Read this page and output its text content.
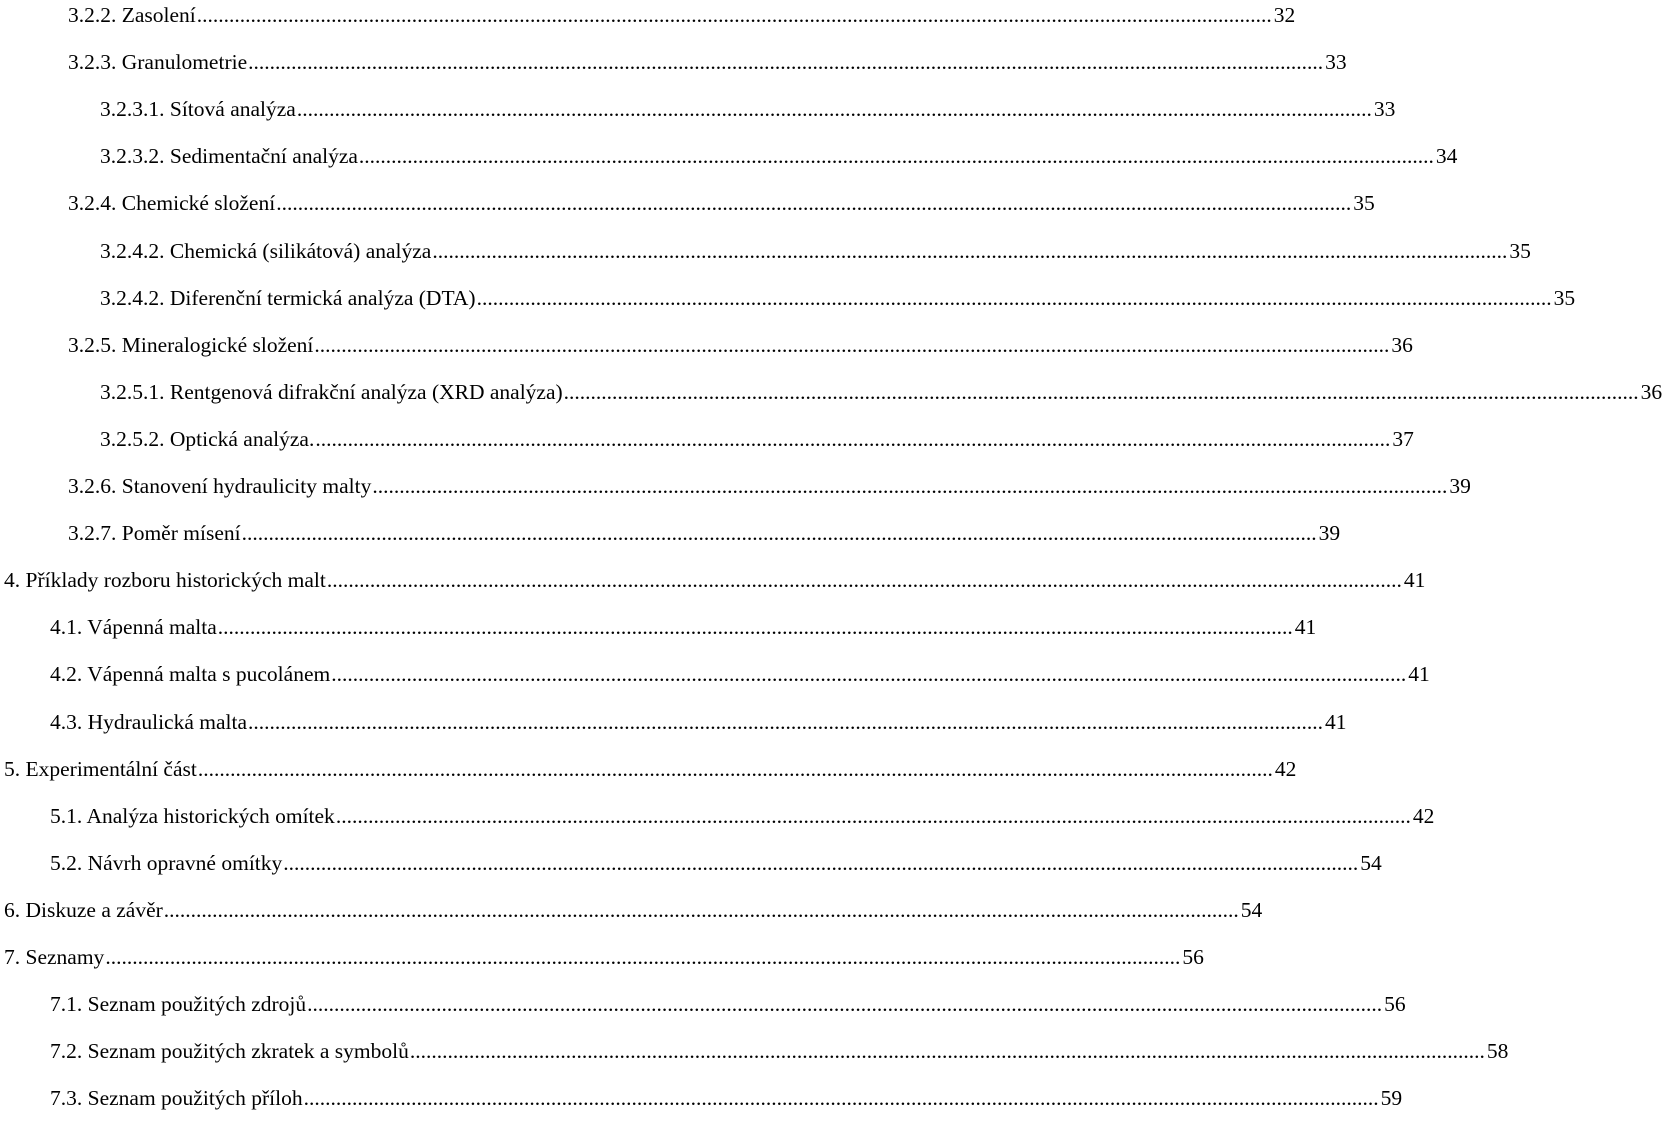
3.2.2. Zasolení ........................................................................................................................................................................................................ 32
3.2.3. Granulometrie ........................................................................................................................................................................................................ 33
3.2.3.1. Sítová analýza ........................................................................................................................................................................................................ 33
3.2.3.2. Sedimentační analýza ........................................................................................................................................................................................................ 34
3.2.4. Chemické složení ........................................................................................................................................................................................................ 35
3.2.4.2. Chemická (silikátová) analýza ........................................................................................................................................................................................................ 35
3.2.4.2. Diferenční termická analýza (DTA) ........................................................................................................................................................................................................ 35
3.2.5. Mineralogické složení ........................................................................................................................................................................................................ 36
3.2.5.1. Rentgenová difrakční analýza (XRD analýza) ........................................................................................................................................................................................................ 36
3.2.5.2. Optická analýza. ........................................................................................................................................................................................................ 37
3.2.6. Stanovení hydraulicity malty ........................................................................................................................................................................................................ 39
3.2.7. Poměr mísení ........................................................................................................................................................................................................ 39
4. Příklady rozboru historických malt ........................................................................................................................................................................................................ 41
4.1. Vápenná malta ........................................................................................................................................................................................................ 41
4.2. Vápenná malta s pucolánem ........................................................................................................................................................................................................ 41
4.3. Hydraulická malta ........................................................................................................................................................................................................ 41
5. Experimentální část ........................................................................................................................................................................................................ 42
5.1. Analýza historických omítek ........................................................................................................................................................................................................ 42
5.2. Návrh opravné omítky ........................................................................................................................................................................................................ 54
6. Diskuze a závěr ........................................................................................................................................................................................................ 54
7. Seznamy ........................................................................................................................................................................................................ 56
7.1. Seznam použitých zdrojů ........................................................................................................................................................................................................ 56
7.2. Seznam použitých zkratek a symbolů ........................................................................................................................................................................................................ 58
7.3. Seznam použitých příloh ........................................................................................................................................................................................................ 59
